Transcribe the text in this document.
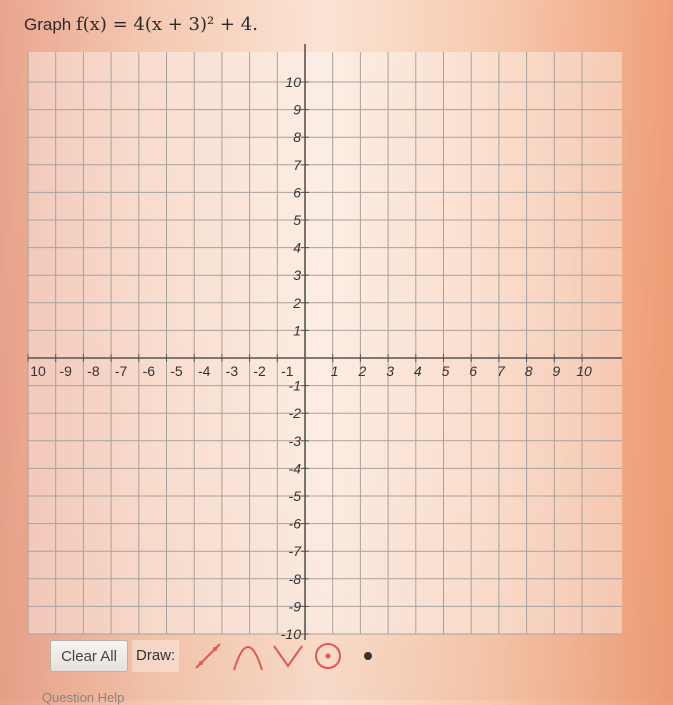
Graph f(x) = 4(x + 3)² + 4.
10 -9 -8 -7 -6 -5 -4 -3 -2 -1	1 2 3 4 5 6 7 8 9 10
10
9
8
7
6
5
4
3
2
1
-1
-2
-3
-4
-5
-6
-7
-8
-9
-10
Clear All	Draw:
Question Help
